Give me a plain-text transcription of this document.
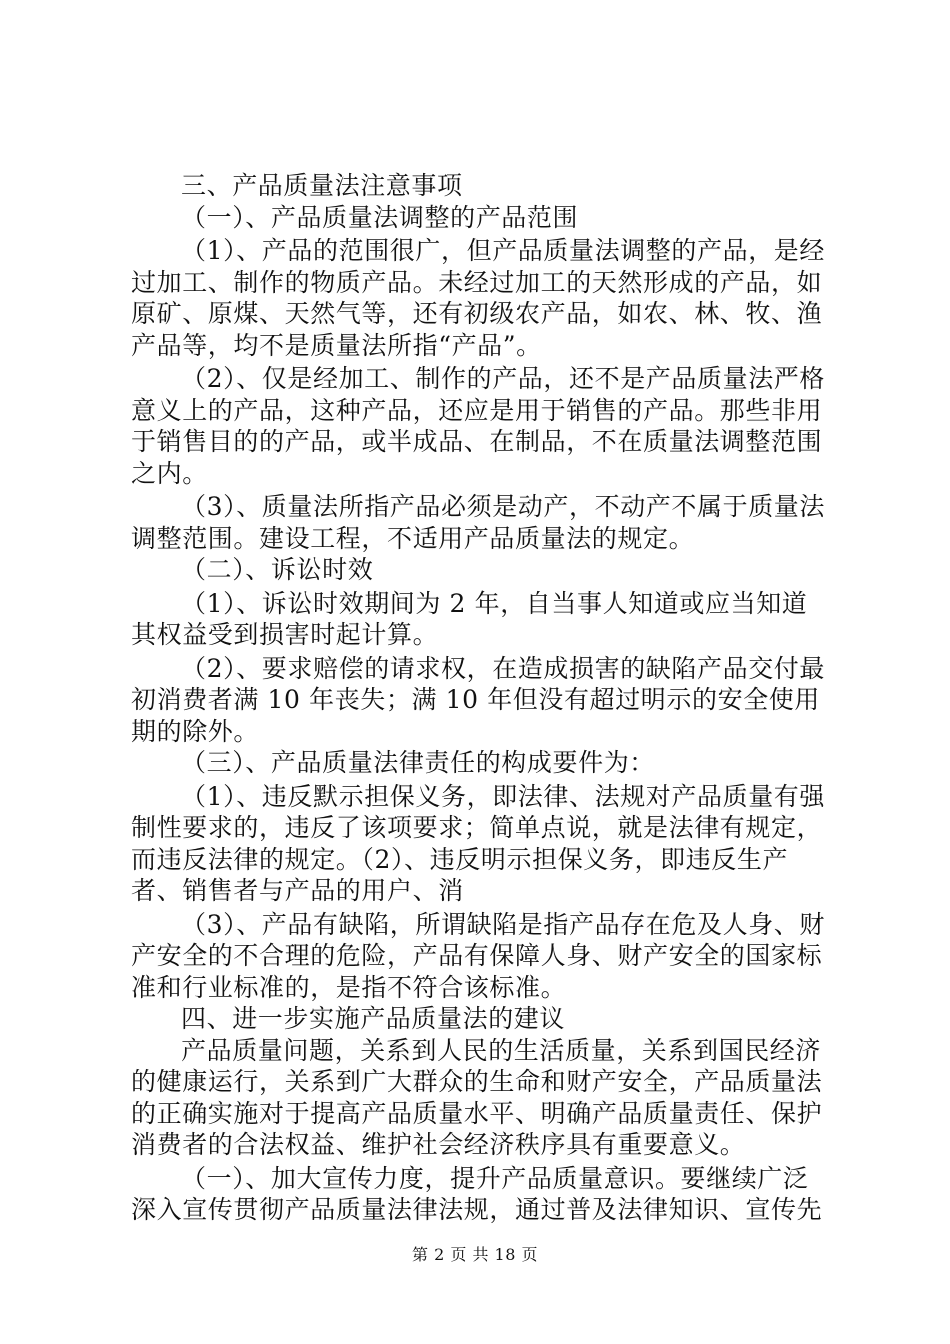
三、产品质量法注意事项

（一）、产品质量法调整的产品范围

（1）、产品的范围很广，但产品质量法调整的产品，是经过加工、制作的物质产品。未经过加工的天然形成的产品，如原矿、原煤、天然气等，还有初级农产品，如农、林、牧、渔产品等，均不是质量法所指“产品”。

（2）、仅是经加工、制作的产品，还不是产品质量法严格意义上的产品，这种产品，还应是用于销售的产品。那些非用于销售目的的产品，或半成品、在制品，不在质量法调整范围之内。

（3）、质量法所指产品必须是动产，不动产不属于质量法调整范围。建设工程，不适用产品质量法的规定。

（二）、诉讼时效

（1）、诉讼时效期间为 2 年，自当事人知道或应当知道其权益受到损害时起计算。

（2）、要求赔偿的请求权，在造成损害的缺陷产品交付最初消费者满 10 年丧失；满 10 年但没有超过明示的安全使用期的除外。

（三）、产品质量法律责任的构成要件为：

（1）、违反默示担保义务，即法律、法规对产品质量有强制性要求的，违反了该项要求；简单点说，就是法律有规定，而违反法律的规定。（2）、违反明示担保义务，即违反生产者、销售者与产品的用户、消

（3）、产品有缺陷，所谓缺陷是指产品存在危及人身、财产安全的不合理的危险，产品有保障人身、财产安全的国家标准和行业标准的，是指不符合该标准。

四、进一步实施产品质量法的建议

产品质量问题，关系到人民的生活质量，关系到国民经济的健康运行，关系到广大群众的生命和财产安全，产品质量法的正确实施对于提高产品质量水平、明确产品质量责任、保护消费者的合法权益、维护社会经济秩序具有重要意义。

（一）、加大宣传力度，提升产品质量意识。要继续广泛深入宣传贯彻产品质量法律法规，通过普及法律知识、宣传先

第 2 页 共 18 页
